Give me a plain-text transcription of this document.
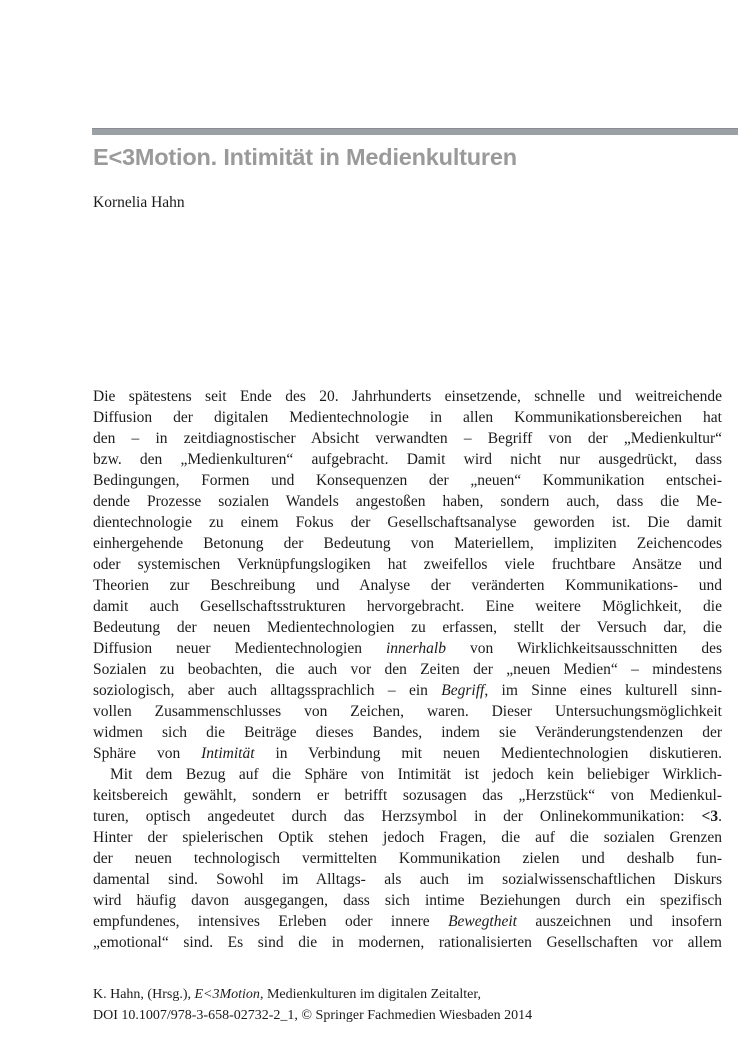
E<3Motion. Intimität in Medienkulturen
Kornelia Hahn
Die spätestens seit Ende des 20. Jahrhunderts einsetzende, schnelle und weitreichende
Diffusion der digitalen Medientechnologie in allen Kommunikationsbereichen hat
den – in zeitdiagnostischer Absicht verwandten – Begriff von der „Medienkultur“
bzw. den „Medienkulturen“ aufgebracht. Damit wird nicht nur ausgedrückt, dass
Bedingungen, Formen und Konsequenzen der „neuen“ Kommunikation entschei-
dende Prozesse sozialen Wandels angestoßen haben, sondern auch, dass die Me-
dientechnologie zu einem Fokus der Gesellschaftsanalyse geworden ist. Die damit
einhergehende Betonung der Bedeutung von Materiellem, impliziten Zeichencodes
oder systemischen Verknüpfungslogiken hat zweifellos viele fruchtbare Ansätze und
Theorien zur Beschreibung und Analyse der veränderten Kommunikations- und
damit auch Gesellschaftsstrukturen hervorgebracht. Eine weitere Möglichkeit, die
Bedeutung der neuen Medientechnologien zu erfassen, stellt der Versuch dar, die
Diffusion neuer Medientechnologien innerhalb von Wirklichkeitsausschnitten des
Sozialen zu beobachten, die auch vor den Zeiten der „neuen Medien“ – mindestens
soziologisch, aber auch alltagssprachlich – ein Begriff, im Sinne eines kulturell sinn-
vollen Zusammenschlusses von Zeichen, waren. Dieser Untersuchungsmöglichkeit
widmen sich die Beiträge dieses Bandes, indem sie Veränderungstendenzen der
Sphäre von Intimität in Verbindung mit neuen Medientechnologien diskutieren.
Mit dem Bezug auf die Sphäre von Intimität ist jedoch kein beliebiger Wirklich-
keitsbereich gewählt, sondern er betrifft sozusagen das „Herzstück“ von Medienkul-
turen, optisch angedeutet durch das Herzsymbol in der Onlinekommunikation: <3.
Hinter der spielerischen Optik stehen jedoch Fragen, die auf die sozialen Grenzen
der neuen technologisch vermittelten Kommunikation zielen und deshalb fun-
damental sind. Sowohl im Alltags- als auch im sozialwissenschaftlichen Diskurs
wird häufig davon ausgegangen, dass sich intime Beziehungen durch ein spezifisch
empfundenes, intensives Erleben oder innere Bewegtheit auszeichnen und insofern
„emotional“ sind. Es sind die in modernen, rationalisierten Gesellschaften vor allem
K. Hahn, (Hrsg.), E<3Motion, Medienkulturen im digitalen Zeitalter,
DOI 10.1007/978-3-658-02732-2_1, © Springer Fachmedien Wiesbaden 2014
